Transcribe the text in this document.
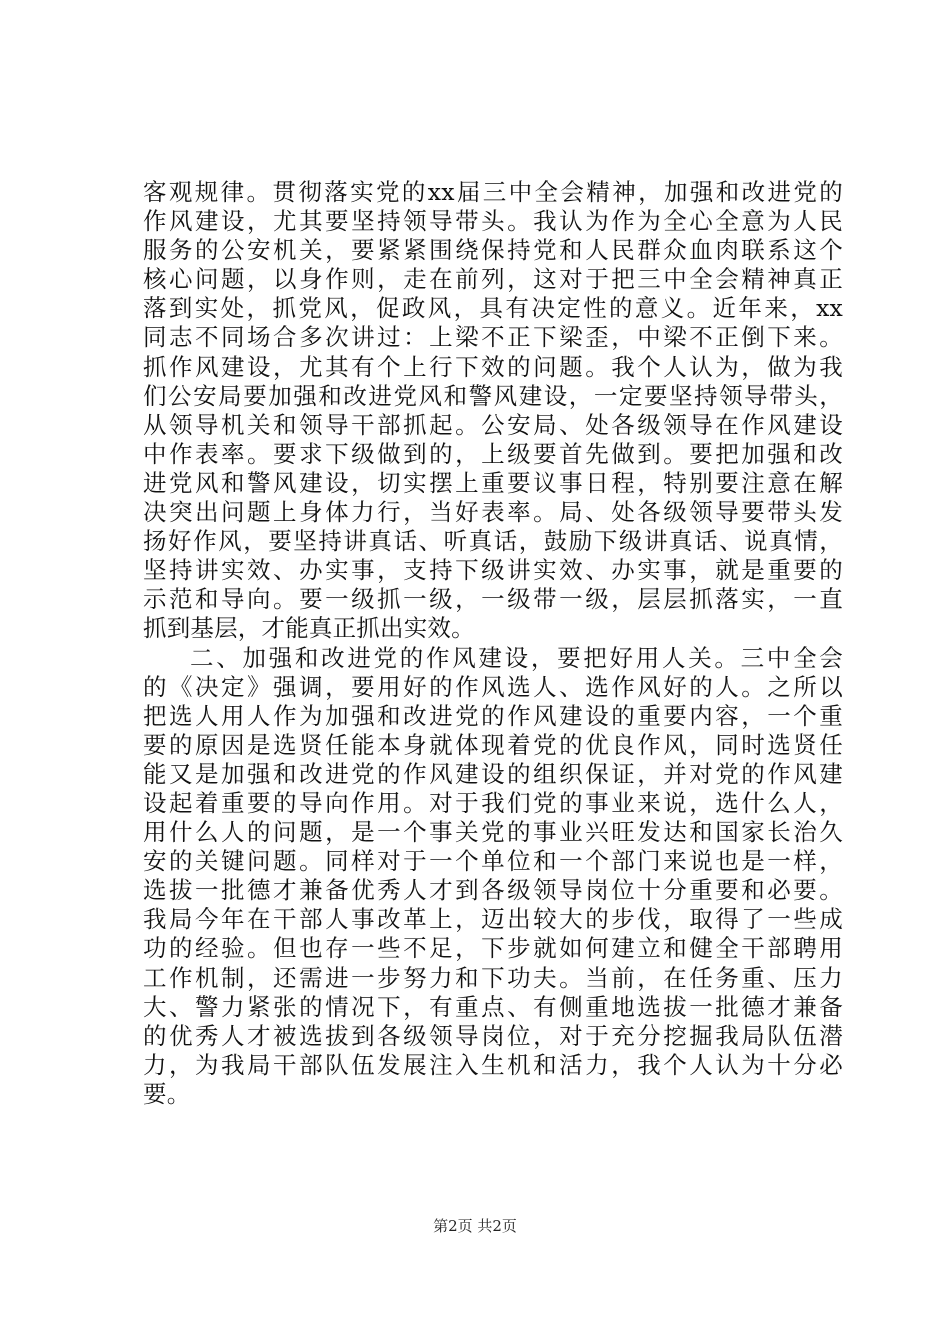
客观规律。贯彻落实党的xx届三中全会精神，加强和改进党的
作风建设，尤其要坚持领导带头。我认为作为全心全意为人民
服务的公安机关，要紧紧围绕保持党和人民群众血肉联系这个
核心问题，以身作则，走在前列，这对于把三中全会精神真正
落到实处，抓党风，促政风，具有决定性的意义。近年来，xx
同志不同场合多次讲过：上梁不正下梁歪，中梁不正倒下来。
抓作风建设，尤其有个上行下效的问题。我个人认为，做为我
们公安局要加强和改进党风和警风建设，一定要坚持领导带头，
从领导机关和领导干部抓起。公安局、处各级领导在作风建设
中作表率。要求下级做到的，上级要首先做到。要把加强和改
进党风和警风建设，切实摆上重要议事日程，特别要注意在解
决突出问题上身体力行，当好表率。局、处各级领导要带头发
扬好作风，要坚持讲真话、听真话，鼓励下级讲真话、说真情，
坚持讲实效、办实事，支持下级讲实效、办实事，就是重要的
示范和导向。要一级抓一级，一级带一级，层层抓落实，一直
抓到基层，才能真正抓出实效。
二、加强和改进党的作风建设，要把好用人关。三中全会
的《决定》强调，要用好的作风选人、选作风好的人。之所以
把选人用人作为加强和改进党的作风建设的重要内容，一个重
要的原因是选贤任能本身就体现着党的优良作风，同时选贤任
能又是加强和改进党的作风建设的组织保证，并对党的作风建
设起着重要的导向作用。对于我们党的事业来说，选什么人，
用什么人的问题，是一个事关党的事业兴旺发达和国家长治久
安的关键问题。同样对于一个单位和一个部门来说也是一样，
选拔一批德才兼备优秀人才到各级领导岗位十分重要和必要。
我局今年在干部人事改革上，迈出较大的步伐，取得了一些成
功的经验。但也存一些不足，下步就如何建立和健全干部聘用
工作机制，还需进一步努力和下功夫。当前，在任务重、压力
大、警力紧张的情况下，有重点、有侧重地选拔一批德才兼备
的优秀人才被选拔到各级领导岗位，对于充分挖掘我局队伍潜
力，为我局干部队伍发展注入生机和活力，我个人认为十分必
要。
第2页 共2页
